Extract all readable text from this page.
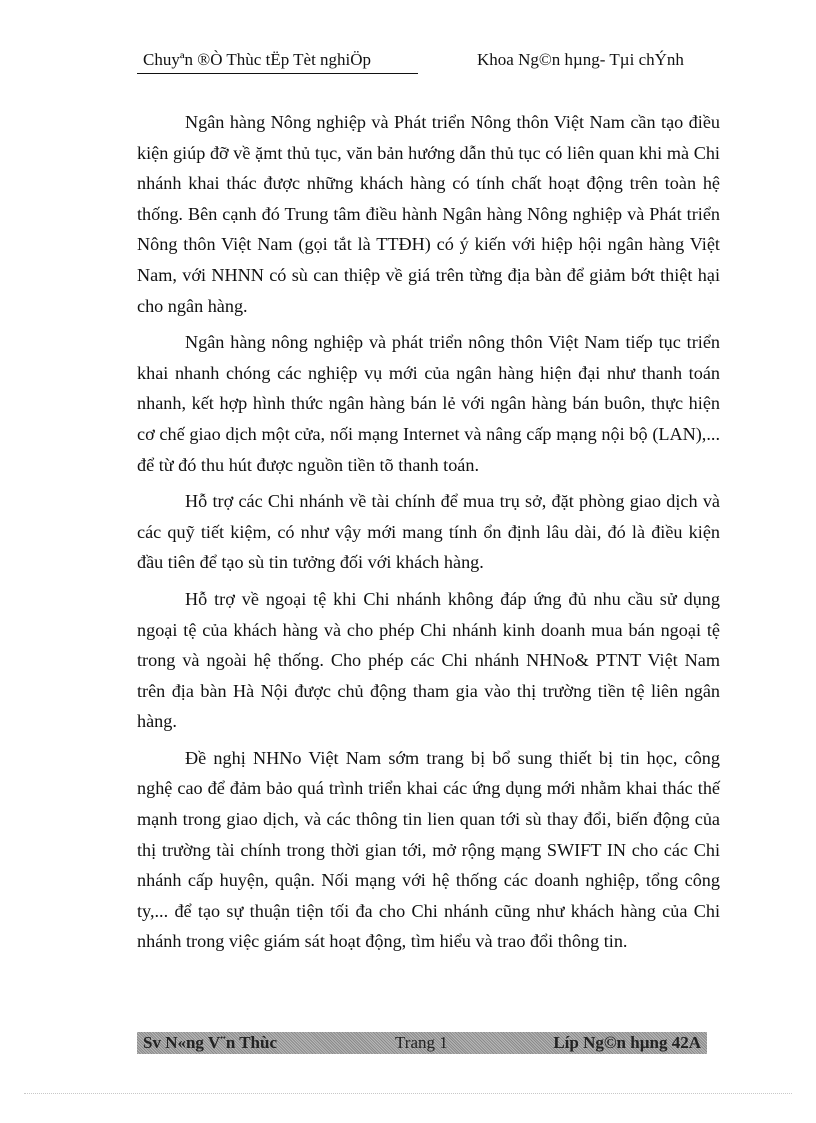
Chuyªn ®Ò Thùc tËp Tèt nghiÖp	Khoa Ng©n hµng- Tµi chÝnh

Ngân hàng Nông nghiệp và Phát triển Nông thôn Việt Nam cần tạo điều kiện giúp đỡ về ặmt thủ tục, văn bản hướng dẫn thủ tục có liên quan khi mà Chi nhánh khai thác được những khách hàng có tính chất hoạt động trên toàn hệ thống. Bên cạnh đó Trung tâm điều hành Ngân hàng Nông nghiệp và Phát triển Nông thôn Việt Nam (gọi tắt là TTĐH) có ý kiến với hiệp hội ngân hàng Việt Nam, với NHNN có sù can thiệp về giá trên từng địa bàn để giảm bớt thiệt hại cho ngân hàng.

Ngân hàng nông nghiệp và phát triển nông thôn Việt Nam tiếp tục triển khai nhanh chóng các nghiệp vụ mới của ngân hàng hiện đại như thanh toán nhanh, kết hợp hình thức ngân hàng bán lẻ với ngân hàng bán buôn, thực hiện cơ chế giao dịch một cửa, nối mạng Internet và nâng cấp mạng nội bộ (LAN),... để từ đó thu hút được nguồn tiền tõ thanh toán.

Hỗ trợ các Chi nhánh về tài chính để mua trụ sở, đặt phòng giao dịch và các quỹ tiết kiệm, có như vậy mới mang tính ổn định lâu dài, đó là điều kiện đầu tiên để tạo sù tin tưởng đối với khách hàng.

Hỗ trợ về ngoại tệ khi Chi nhánh không đáp ứng đủ nhu cầu sử dụng ngoại tệ của khách hàng và cho phép Chi nhánh kinh doanh mua bán ngoại tệ trong và ngoài hệ thống. Cho phép các Chi nhánh NHNo& PTNT Việt Nam trên địa bàn Hà Nội được chủ động tham gia vào thị trường tiền tệ liên ngân hàng.

Đề nghị NHNo Việt Nam sớm trang bị bổ sung thiết bị tin học, công nghệ cao để đảm bảo quá trình triển khai các ứng dụng mới nhằm khai thác thế mạnh trong giao dịch, và các thông tin lien quan tới sù thay đổi, biến động của thị trường tài chính trong thời gian tới, mở rộng mạng SWIFT IN cho các Chi nhánh cấp huyện, quận. Nối mạng với hệ thống các doanh nghiệp, tổng công ty,... để tạo sự thuận tiện tối đa cho Chi nhánh cũng như khách hàng của Chi nhánh trong việc giám sát hoạt động, tìm hiểu và trao đổi thông tin.

Sv N«ng V¨n Thùc	Trang 1	Líp Ng©n hµng 42A
